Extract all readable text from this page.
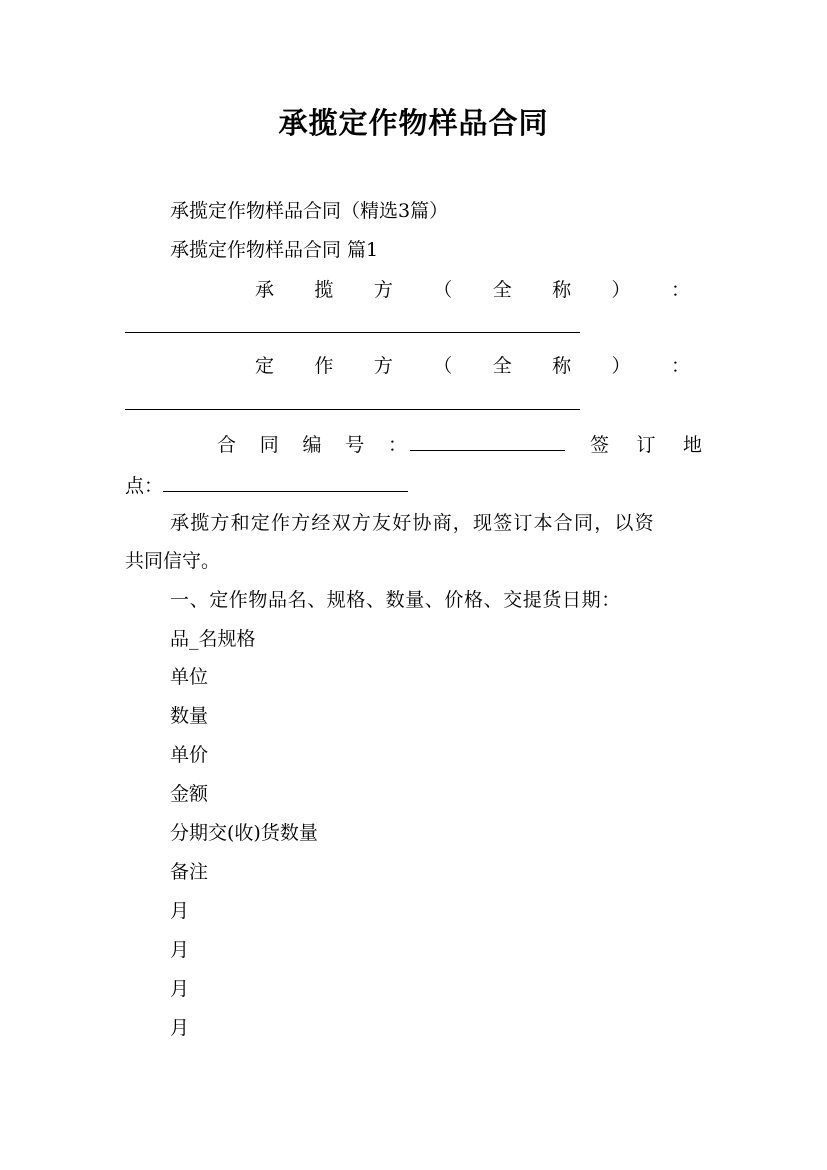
承揽定作物样品合同
承揽定作物样品合同（精选3篇）
承揽定作物样品合同 篇1
承 揽 方 （ 全 称 ） ：
定 作 方 （ 全 称 ） ：
合 同 编 号 ：	签 订 地
点：
承揽方和定作方经双方友好协商，现签订本合同，以资
共同信守。
一、定作物品名、规格、数量、价格、交提货日期：
品_名规格
单位
数量
单价
金额
分期交(收)货数量
备注
月
月
月
月
